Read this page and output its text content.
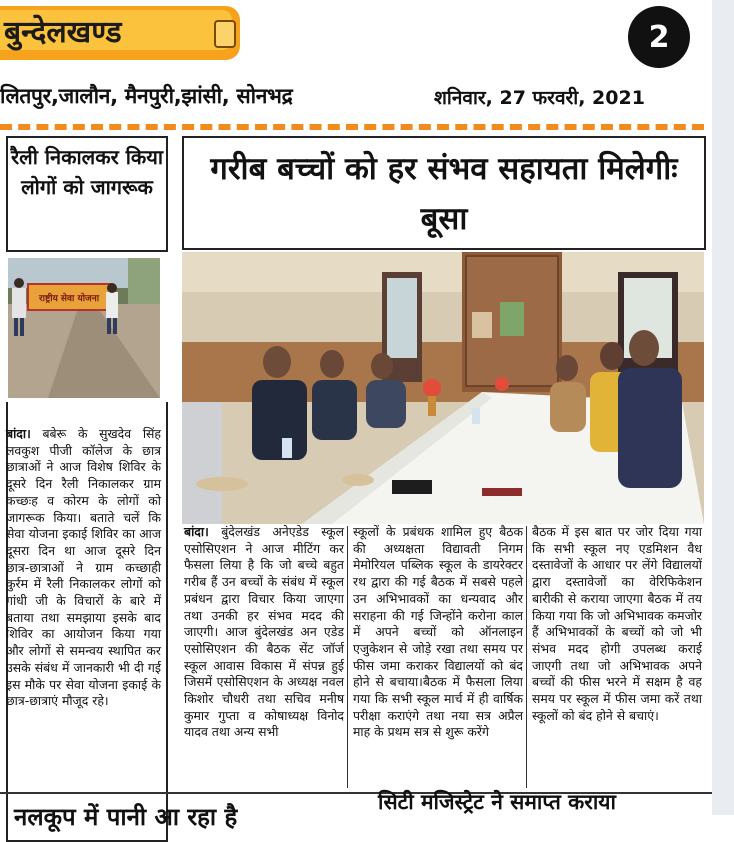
बुन्देलखण्ड	2
लितपुर,जालौन, मैनपुरी,झांसी, सोनभद्र	शनिवार, 27 फरवरी, 2021
रैली निकालकर किया लोगों को जागरूक
राष्ट्रीय सेवा योजना
बांदा। बबेरू के सुखदेव सिंह लवकुश पीजी कॉलेज के छात्र छात्राओं ने आज विशेष शिविर के दूसरे दिन रैली निकालकर ग्राम कच्छःह व कोरम के लोगों को जागरूक किया। बताते चलें कि सेवा योजना इकाई शिविर का आज दूसरा दिन था आज दूसरे दिन छात्र-छात्राओं ने ग्राम कच्छाही कुर्रम में रैली निकालकर लोगों को गांधी जी के विचारों के बारे में बताया तथा समझाया इसके बाद शिविर का आयोजन किया गया और लोगों से समन्वय स्थापित कर उसके संबंध में जानकारी भी दी गई इस मौके पर सेवा योजना इकाई के छात्र-छात्राएं मौजूद रहे।
गरीब बच्चों को हर संभव सहायता मिलेगीः बूसा
बांदा। बुंदेलखंड अनेएडेड स्कूल एसोसिएशन ने आज मीटिंग कर फैसला लिया है कि जो बच्चे बहुत गरीब हैं उन बच्चों के संबंध में स्कूल प्रबंधन द्वारा विचार किया जाएगा तथा उनकी हर संभव मदद की जाएगी। आज बुंदेलखंड अन एडेड एसोसिएशन की बैठक सेंट जॉर्ज स्कूल आवास विकास में संपन्न हुई जिसमें एसोसिएशन के अध्यक्ष नवल किशोर चौधरी तथा सचिव मनीष कुमार गुप्ता व कोषाध्यक्ष विनोद यादव तथा अन्य सभी
स्कूलों के प्रबंधक शामिल हुए बैठक की अध्यक्षता विद्यावती निगम मेमोरियल पब्लिक स्कूल के डायरेक्टर रथ द्वारा की गई बैठक में सबसे पहले उन अभिभावकों का धन्यवाद और सराहना की गई जिन्होंने करोना काल में अपने बच्चों को ऑनलाइन एजुकेशन से जोड़े रखा तथा समय पर फीस जमा कराकर विद्यालयों को बंद होने से बचाया।बैठक में फैसला लिया गया कि सभी स्कूल मार्च में ही वार्षिक परीक्षा कराएंगे तथा नया सत्र अप्रैल माह के प्रथम सत्र से शुरू करेंगे
बैठक में इस बात पर जोर दिया गया कि सभी स्कूल नए एडमिशन वैध दस्तावेजों के आधार पर लेंगे विद्यालयों द्वारा दस्तावेजों का वेरिफिकेशन बारीकी से कराया जाएगा बैठक में तय किया गया कि जो अभिभावक कमजोर हैं अभिभावकों के बच्चों को जो भी संभव मदद होगी उपलब्ध कराई जाएगी तथा जो अभिभावक अपने बच्चों की फीस भरने में सक्षम है वह समय पर स्कूल में फीस जमा करें तथा स्कूलों को बंद होने से बचाएं।
नलकूप में पानी आ रहा है
सिटी मजिस्ट्रेट ने समाप्त कराया
